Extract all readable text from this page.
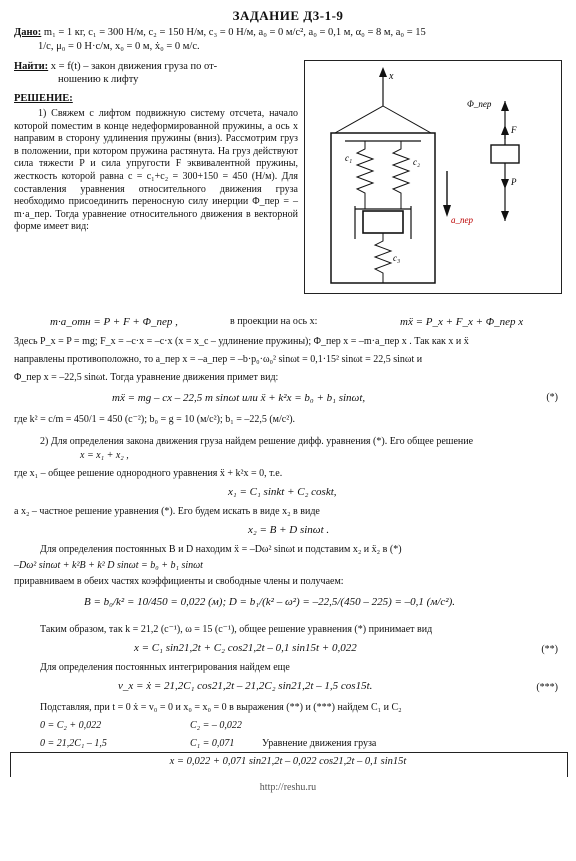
ЗАДАНИЕ Д3-1-9
Дано: m₁ = 1 кг, c₁ = 300 Н/м, c₂ = 150 Н/м, c₃ = 0 Н/м, a₀ = 0 м/с², a₀ = 0,1 м, α₀ = 8 м, a₀ = 15
1/с, μ₀ = 0 Н·с/м, x₀ = 0 м, ẋ₀ = 0 м/с.
Найти: x = f(t) – закон движения груза по от-
ношению к лифту
РЕШЕНИЕ:
1) Свяжем с лифтом подвижную систему отсчета, начало которой поместим в конце недеформированной пружины, а ось x направим в сторону удлинения пружины (вниз). Рассмотрим груз в положении, при котором пружина растянута. На груз действуют сила тяжести P и сила упругости F эквивалентной пружины, жесткость которой равна c = c₁+c₂ = 300+150 = 450 (Н/м). Для составления уравнения относительного движения груза необходимо присоединить переносную силу инерции Φ_пер = –m·a_пер. Тогда уравнение относительного движения в векторной форме имеет вид:
x
c₁	c₂
c₃
a_пер
Φ_пер
F
P
m·a_отн = P + F + Φ_пер ,	в проекции на ось x:	mẍ = P_x + F_x + Φ_пер x
Здесь P_x = P = mg; F_x = –c·x = –c·x (x = x_c – удлинение пружины); Φ_пер x = –m·a_пер x . Так как x и ẍ
направлены противоположно, то a_пер x = –a_пер = –b·p₀·ω₀² sinωt = 0,1·15² sinωt = 22,5 sinωt и
Φ_пер x = –22,5 sinωt. Тогда уравнение движения примет вид:
mẍ = mg – cx – 22,5 m sinωt или ẍ + k²x = b₀ + b₁ sinωt,	(*)
где k² = c/m = 450/1 = 450 (с⁻²); b₀ = g = 10 (м/с²); b₁ = –22,5 (м/с²).
2) Для определения закона движения груза найдем решение дифф. уравнения (*). Его общее решение
x = x₁ + x₂ ,
где x₁ – общее решение однородного уравнения ẍ + k²x = 0, т.е.
x₁ = C₁ sinkt + C₂ coskt,
а x₂ – частное решение уравнения (*). Его будем искать в виде x₂ в виде
x₂ = B + D sinωt .
Для определения постоянных B и D находим ẍ = –Dω² sinωt и подставим x₂ и ẍ₂ в (*)
–Dω² sinωt + k²B + k² D sinωt = b₀ + b₁ sinωt
приравниваем в обеих частях коэффициенты и свободные члены и получаем:
B = b₀/k² = 10/450 = 0,022 (м); D = b₁/(k² – ω²) = –22,5/(450 – 225) = –0,1 (м/с²).
Таким образом, так k = 21,2 (с⁻¹), ω = 15 (с⁻¹), общее решение уравнения (*) принимает вид
x = C₁ sin21,2t + C₂ cos21,2t – 0,1 sin15t + 0,022	(**)
Для определения постоянных интегрирования найдем еще
v_x = ẋ = 21,2C₁ cos21,2t – 21,2C₂ sin21,2t – 1,5 cos15t.	(***)
Подставляя, при t = 0 ẋ = v₀ = 0 и x₀ = x₀ = 0 в выражения (**) и (***) найдем C₁ и C₂
0 = C₂ + 0,022	C₂ = – 0,022
0 = 21,2C₁ – 1,5	C₁ = 0,071	Уравнение движения груза
x = 0,022 + 0,071 sin21,2t – 0,022 cos21,2t – 0,1 sin15t
http://reshu.ru
